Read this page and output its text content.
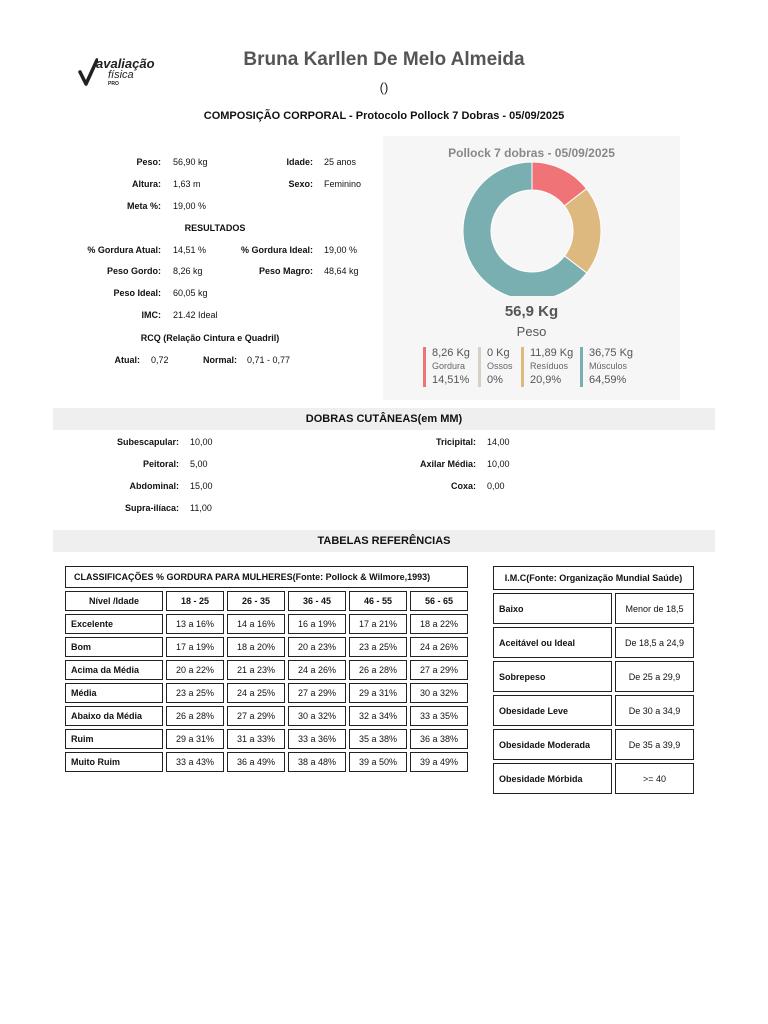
avaliação
física
PRO
Bruna Karllen De Melo Almeida
()
COMPOSIÇÃO CORPORAL - Protocolo Pollock 7 Dobras - 05/09/2025
Peso: 56,90 kg	Idade: 25 anos
Altura: 1,63 m	Sexo: Feminino
Meta %: 19,00 %
RESULTADOS
% Gordura Atual: 14,51 %	% Gordura Ideal: 19,00 %
Peso Gordo: 8,26 kg	Peso Magro: 48,64 kg
Peso Ideal: 60,05 kg
IMC: 21.42 Ideal
RCQ (Relação Cintura e Quadril)
Atual: 0,72	Normal: 0,71 - 0,77
Pollock 7 dobras - 05/09/2025
56,9 Kg
Peso
8,26 Kg
Gordura
14,51%
0 Kg
Ossos
0%
11,89 Kg
Resíduos
20,9%
36,75 Kg
Músculos
64,59%
DOBRAS CUTÂNEAS(em MM)
Subescapular: 10,00	Tricipital: 14,00
Peitoral: 5,00	Axilar Média: 10,00
Abdominal: 15,00	Coxa: 0,00
Supra-ilíaca: 11,00
TABELAS REFERÊNCIAS
CLASSIFICAÇÕES % GORDURA PARA MULHERES(Fonte: Pollock & Wilmore,1993)					
Nível /Idade	18 - 25	26 - 35	36 - 45	46 - 55	56 - 65
Excelente	13 a 16%	14 a 16%	16 a 19%	17 a 21%	18 a 22%
Bom	17 a 19%	18 a 20%	20 a 23%	23 a 25%	24 a 26%
Acima da Média	20 a 22%	21 a 23%	24 a 26%	26 a 28%	27 a 29%
Média	23 a 25%	24 a 25%	27 a 29%	29 a 31%	30 a 32%
Abaixo da Média	26 a 28%	27 a 29%	30 a 32%	32 a 34%	33 a 35%
Ruim	29 a 31%	31 a 33%	33 a 36%	35 a 38%	36 a 38%
Muito Ruim	33 a 43%	36 a 49%	38 a 48%	39 a 50%	39 a 49%
I.M.C(Fonte: Organização Mundial Saúde)	
Baixo	Menor de 18,5
Aceitável ou Ideal	De 18,5 a 24,9
Sobrepeso	De 25 a 29,9
Obesidade Leve	De 30 a 34,9
Obesidade Moderada	De 35 a 39,9
Obesidade Mórbida	>= 40
